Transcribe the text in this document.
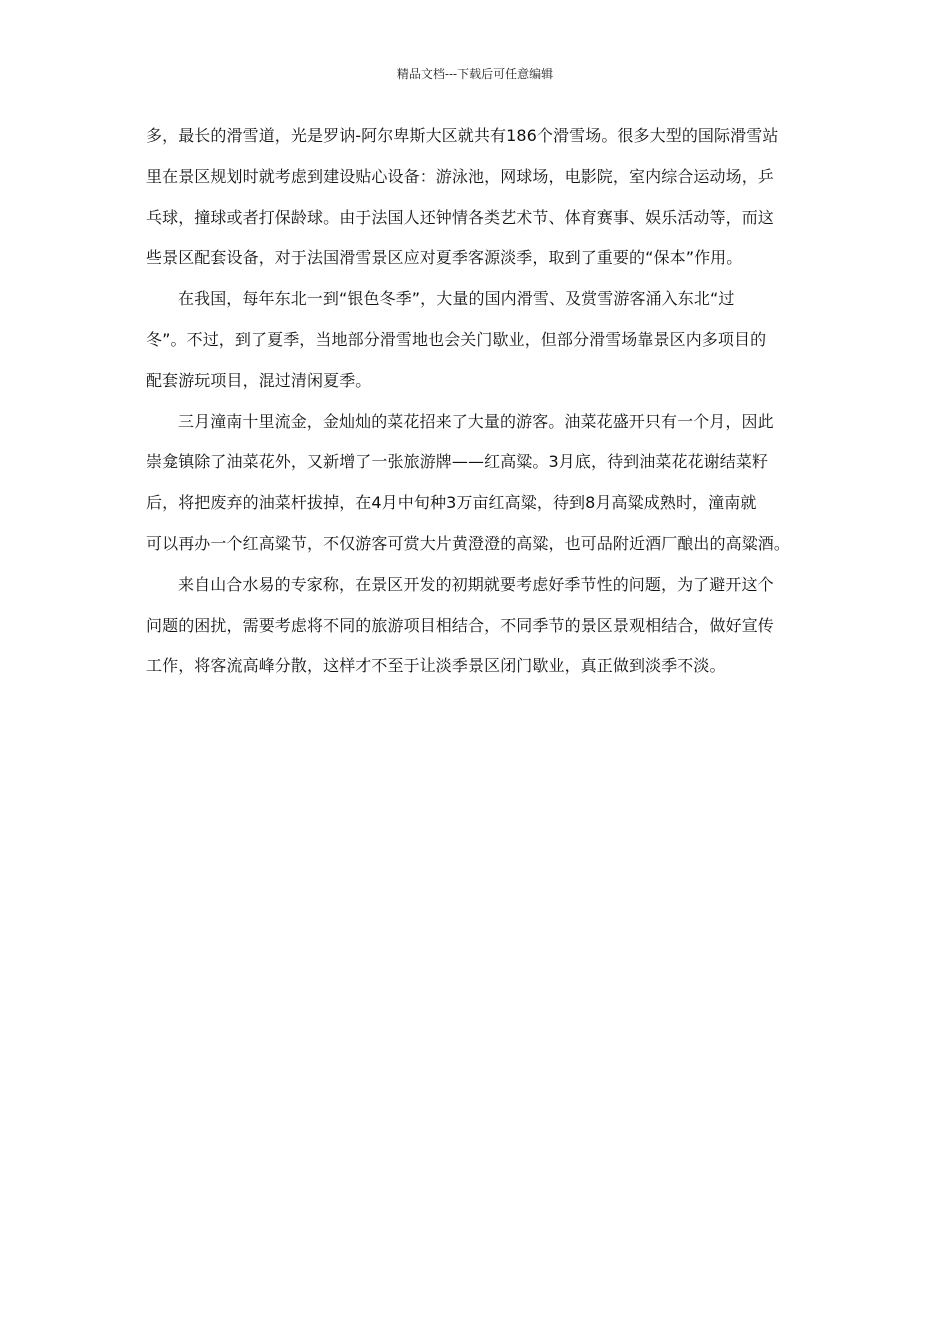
精品文档---下载后可任意编辑
多，最长的滑雪道，光是罗讷-阿尔卑斯大区就共有186个滑雪场。很多大型的国际滑雪站
里在景区规划时就考虑到建设贴心设备：游泳池，网球场，电影院，室内综合运动场，乒
乓球，撞球或者打保龄球。由于法国人还钟情各类艺术节、体育赛事、娱乐活动等，而这
些景区配套设备，对于法国滑雪景区应对夏季客源淡季，取到了重要的“保本”作用。
在我国，每年东北一到“银色冬季”，大量的国内滑雪、及赏雪游客涌入东北“过
冬”。不过，到了夏季，当地部分滑雪地也会关门歇业，但部分滑雪场靠景区内多项目的
配套游玩项目，混过清闲夏季。
三月潼南十里流金，金灿灿的菜花招来了大量的游客。油菜花盛开只有一个月，因此
崇龛镇除了油菜花外，又新增了一张旅游牌——红高粱。3月底，待到油菜花花谢结菜籽
后，将把废弃的油菜杆拔掉，在4月中旬种3万亩红高粱，待到8月高粱成熟时，潼南就
可以再办一个红高粱节，不仅游客可赏大片黄澄澄的高粱，也可品附近酒厂酿出的高粱酒。
来自山合水易的专家称，在景区开发的初期就要考虑好季节性的问题，为了避开这个
问题的困扰，需要考虑将不同的旅游项目相结合，不同季节的景区景观相结合，做好宣传
工作，将客流高峰分散，这样才不至于让淡季景区闭门歇业，真正做到淡季不淡。
